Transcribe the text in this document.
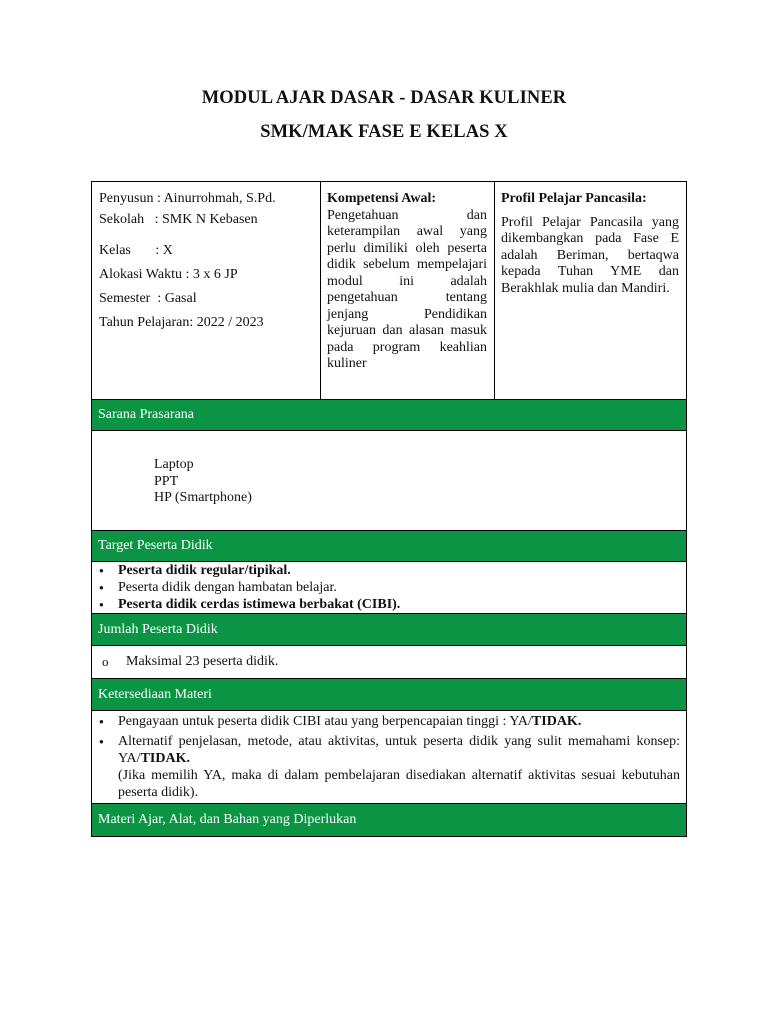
MODUL AJAR DASAR - DASAR KULINER
SMK/MAK FASE E KELAS X
Penyusun : Ainurrohmah, S.Pd.
Sekolah   : SMK N Kebasen
Kelas       : X
Alokasi Waktu : 3 x 6 JP
Semester  : Gasal
Tahun Pelajaran: 2022 / 2023
Kompetensi Awal:
Pengetahuan dan keterampilan awal yang perlu dimiliki oleh peserta didik sebelum mempelajari modul ini adalah pengetahuan tentang jenjang Pendidikan kejuruan dan alasan masuk pada program keahlian kuliner
Profil Pelajar Pancasila:
Profil Pelajar Pancasila yang dikembangkan pada Fase E adalah Beriman, bertaqwa kepada Tuhan YME dan Berakhlak mulia dan Mandiri.
Sarana Prasarana
Laptop
PPT
HP (Smartphone)
Target Peserta Didik
● Peserta didik regular/tipikal.
● Peserta didik dengan hambatan belajar.
● Peserta didik cerdas istimewa berbakat (CIBI).
Jumlah Peserta Didik
o	Maksimal 23 peserta didik.
Ketersediaan Materi
● Pengayaan untuk peserta didik CIBI atau yang berpencapaian tinggi : YA/TIDAK.
● Alternatif penjelasan, metode, atau aktivitas, untuk peserta didik yang sulit memahami konsep: YA/TIDAK.
(Jika memilih YA, maka di dalam pembelajaran disediakan alternatif aktivitas sesuai kebutuhan peserta didik).
Materi Ajar, Alat, dan Bahan yang Diperlukan
